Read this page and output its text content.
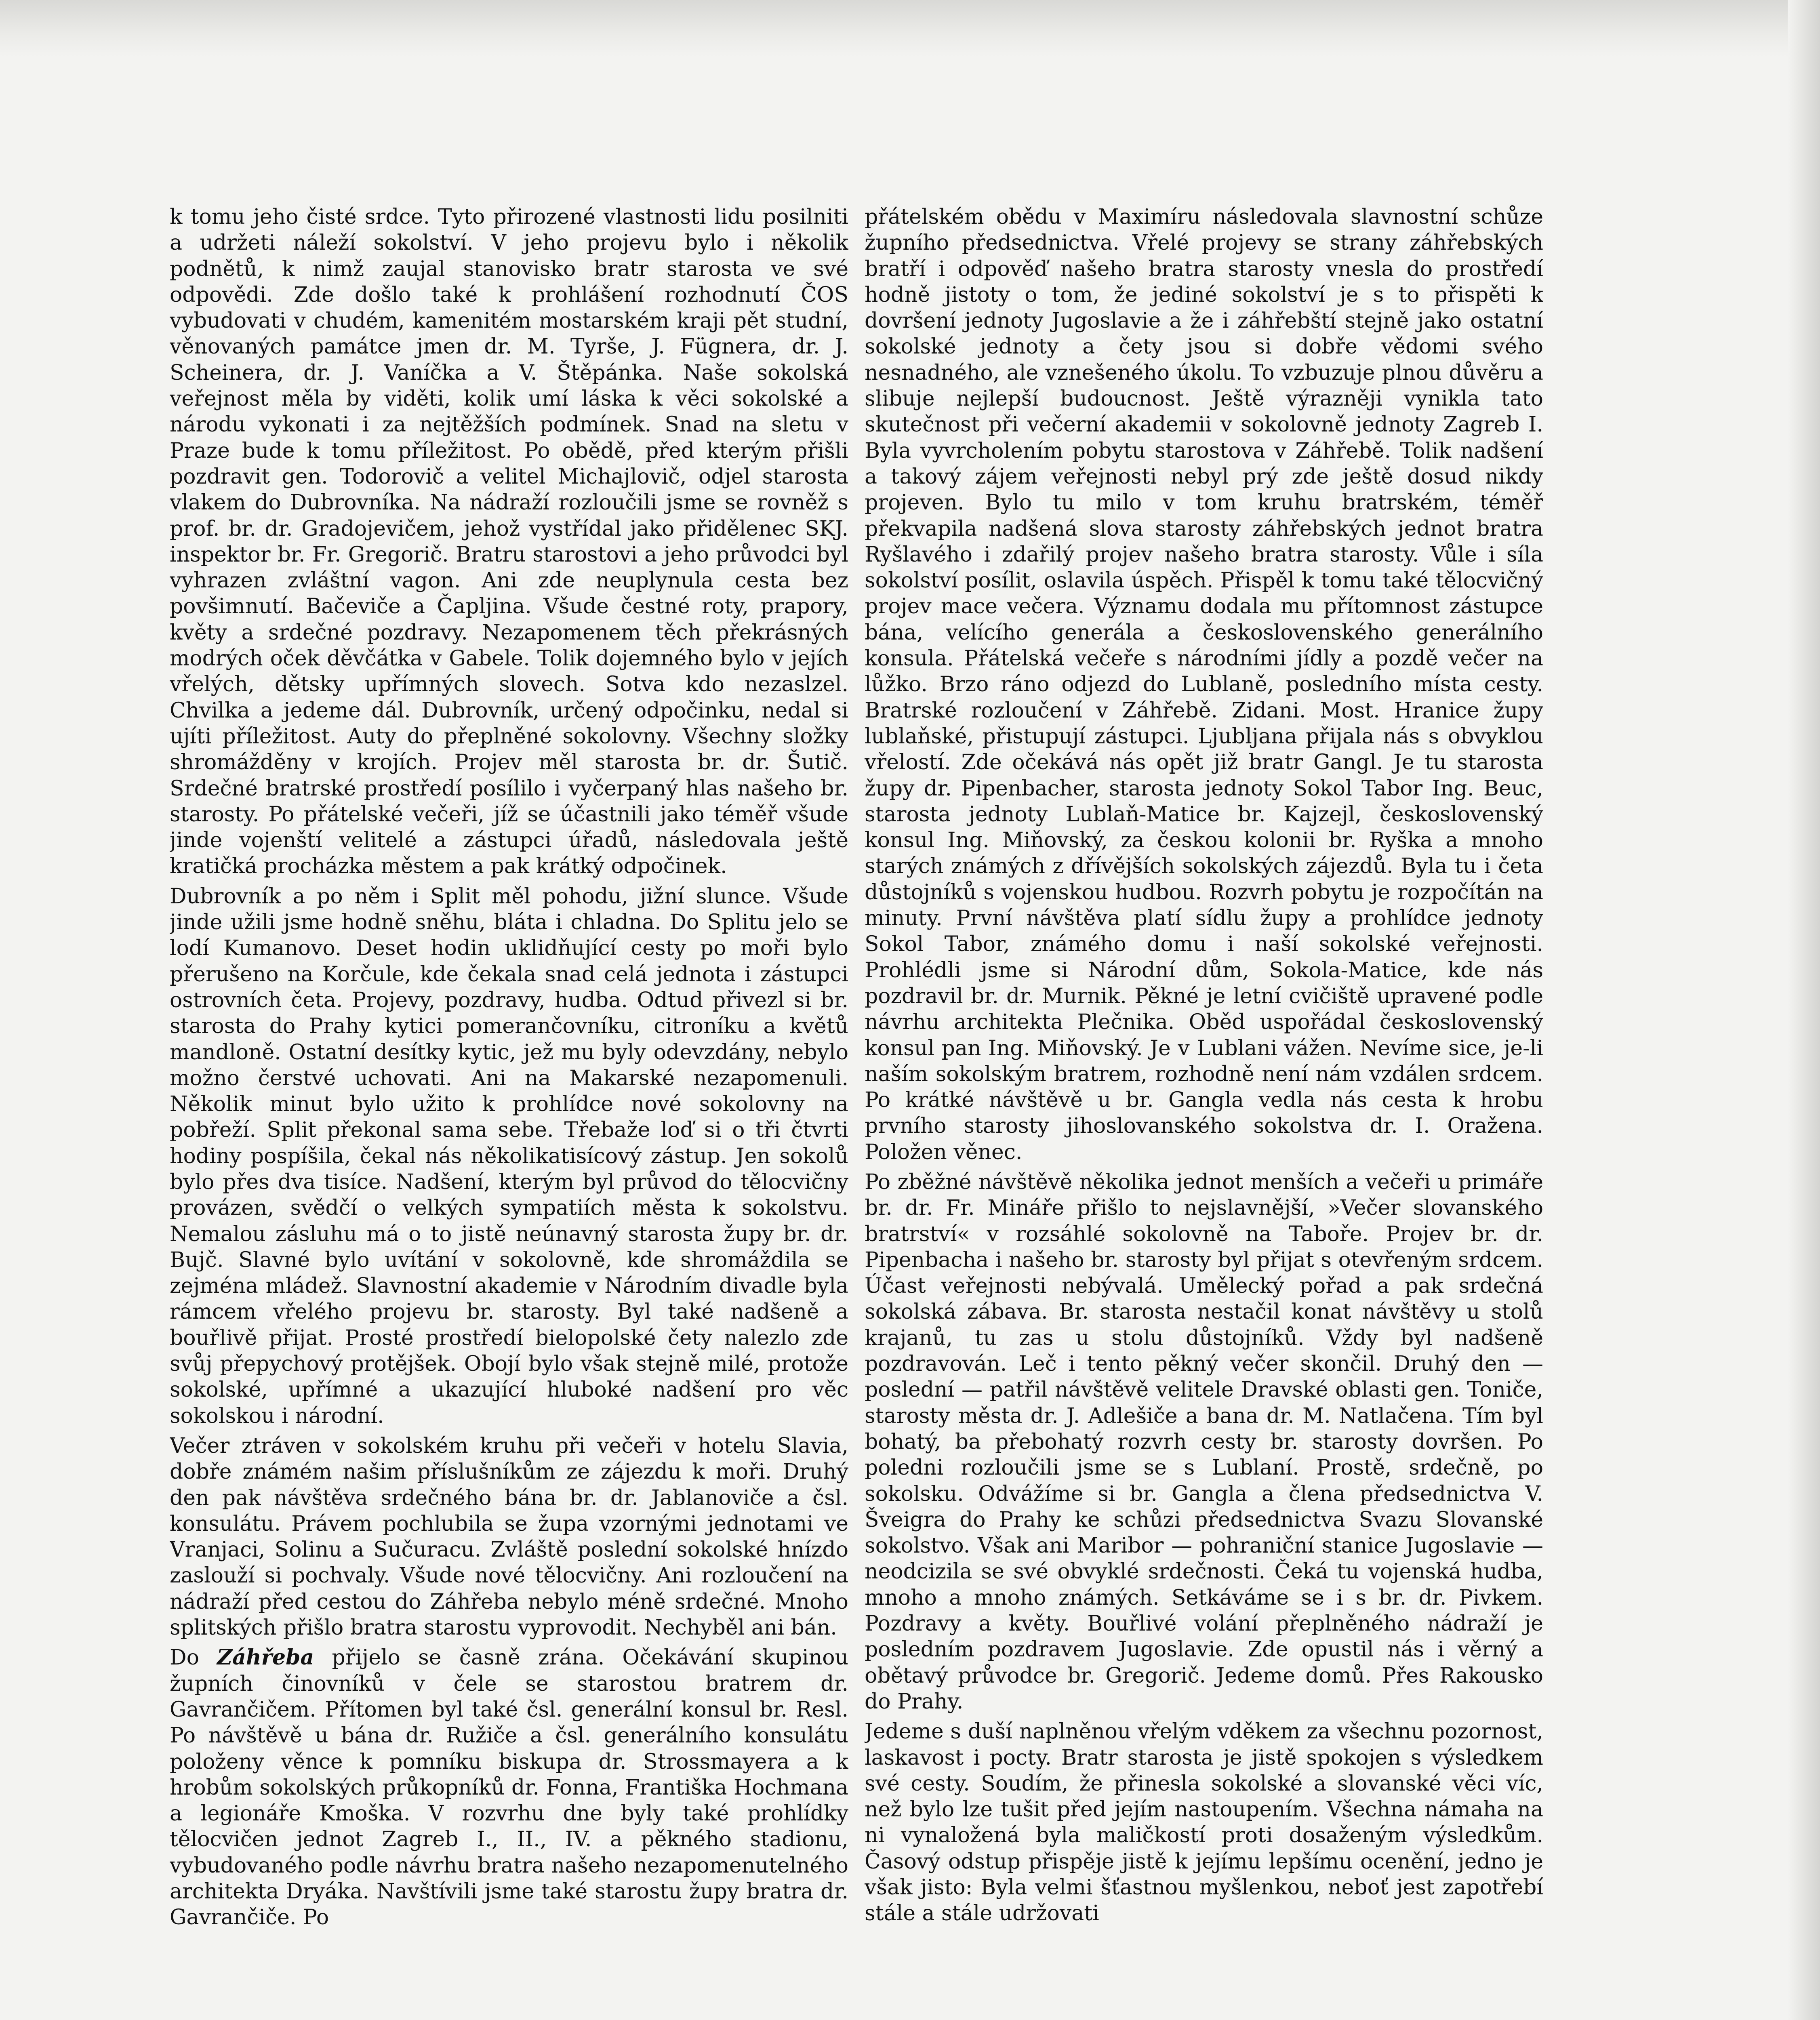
k tomu jeho čisté srdce. Tyto přirozené vlastnosti lidu posilniti a udržeti náleží sokolství. V jeho projevu bylo i několik podnětů, k nimž zaujal stanovisko bratr starosta ve své odpovědi. Zde došlo také k prohlášení rozhodnutí ČOS vybudovati v chudém, kamenitém mostarském kraji pět studní, věnovaných památce jmen dr. M. Tyrše, J. Fügnera, dr. J. Scheinera, dr. J. Vaníčka a V. Štěpánka. Naše sokolská veřejnost měla by viděti, kolik umí láska k věci sokolské a národu vykonati i za nejtěžších podmínek. Snad na sletu v Praze bude k tomu příležitost. Po obědě, před kterým přišli pozdravit gen. Todorovič a velitel Michajlovič, odjel starosta vlakem do Dubrovníka. Na nádraží rozloučili jsme se rovněž s prof. br. dr. Gradojevičem, jehož vystřídal jako přidělenec SKJ. inspektor br. Fr. Gregorič. Bratru starostovi a jeho průvodci byl vyhrazen zvláštní vagon. Ani zde neuplynula cesta bez povšimnutí. Bačeviče a Čapljina. Všude čestné roty, prapory, květy a srdečné pozdravy. Nezapomenem těch překrásných modrých oček děvčátka v Gabele. Tolik dojemného bylo v jejích vřelých, dětsky upřímných slovech. Sotva kdo nezaslzel. Chvilka a jedeme dál. Dubrovník, určený odpočinku, nedal si ujíti příležitost. Auty do přeplněné sokolovny. Všechny složky shromážděny v krojích. Projev měl starosta br. dr. Šutič. Srdečné bratrské prostředí posílilo i vyčerpaný hlas našeho br. starosty. Po přátelské večeři, jíž se účastnili jako téměř všude jinde vojenští velitelé a zástupci úřadů, následovala ještě kratičká procházka městem a pak krátký odpočinek.

Dubrovník a po něm i Split měl pohodu, jižní slunce. Všude jinde užili jsme hodně sněhu, bláta i chladna. Do Splitu jelo se lodí Kumanovo. Deset hodin uklidňující cesty po moři bylo přerušeno na Korčule, kde čekala snad celá jednota i zástupci ostrovních četa. Projevy, pozdravy, hudba. Odtud přivezl si br. starosta do Prahy kytici pomerančovníku, citroníku a květů mandloně. Ostatní desítky kytic, jež mu byly odevzdány, nebylo možno čerstvé uchovati. Ani na Makarské nezapomenuli. Několik minut bylo užito k prohlídce nové sokolovny na pobřeží. Split překonal sama sebe. Třebaže loď si o tři čtvrti hodiny pospíšila, čekal nás několikatisícový zástup. Jen sokolů bylo přes dva tisíce. Nadšení, kterým byl průvod do tělocvičny provázen, svědčí o velkých sympatiích města k sokolstvu. Nemalou zásluhu má o to jistě neúnavný starosta župy br. dr. Bujč. Slavné bylo uvítání v sokolovně, kde shromáždila se zejména mládež. Slavnostní akademie v Národním divadle byla rámcem vřelého projevu br. starosty. Byl také nadšeně a bouřlivě přijat. Prosté prostředí bielopolské čety nalezlo zde svůj přepychový protějšek. Obojí bylo však stejně milé, protože sokolské, upřímné a ukazující hluboké nadšení pro věc sokolskou i národní.

Večer ztráven v sokolském kruhu při večeři v hotelu Slavia, dobře známém našim příslušníkům ze zájezdu k moři. Druhý den pak návštěva srdečného bána br. dr. Jablanoviče a čsl. konsulátu. Právem pochlubila se župa vzornými jednotami ve Vranjaci, Solinu a Sučuracu. Zvláště poslední sokolské hnízdo zaslouží si pochvaly. Všude nové tělocvičny. Ani rozloučení na nádraží před cestou do Záhřeba nebylo méně srdečné. Mnoho splitských přišlo bratra starostu vyprovodit. Nechyběl ani bán.

Do Záhřeba přijelo se časně zrána. Očekávání skupinou župních činovníků v čele se starostou bratrem dr. Gavrančičem. Přítomen byl také čsl. generální konsul br. Resl. Po návštěvě u bána dr. Ružiče a čsl. generálního konsulátu položeny věnce k pomníku biskupa dr. Strossmayera a k hrobům sokolských průkopníků dr. Fonna, Františka Hochmana a legionáře Kmoška. V rozvrhu dne byly také prohlídky tělocvičen jednot Zagreb I., II., IV. a pěkného stadionu, vybudovaného podle návrhu bratra našeho nezapomenutelného architekta Dryáka. Navštívili jsme také starostu župy bratra dr. Gavrančiče. Po

přátelském obědu v Maximíru následovala slavnostní schůze župního předsednictva. Vřelé projevy se strany záhřebských bratří i odpověď našeho bratra starosty vnesla do prostředí hodně jistoty o tom, že jediné sokolství je s to přispěti k dovršení jednoty Jugoslavie a že i záhřebští stejně jako ostatní sokolské jednoty a čety jsou si dobře vědomi svého nesnadného, ale vznešeného úkolu. To vzbuzuje plnou důvěru a slibuje nejlepší budoucnost. Ještě výrazněji vynikla tato skutečnost při večerní akademii v sokolovně jednoty Zagreb I. Byla vyvrcholením pobytu starostova v Záhřebě. Tolik nadšení a takový zájem veřejnosti nebyl prý zde ještě dosud nikdy projeven. Bylo tu milo v tom kruhu bratrském, téměř překvapila nadšená slova starosty záhřebských jednot bratra Ryšlavého i zdařilý projev našeho bratra starosty. Vůle i síla sokolství posílit, oslavila úspěch. Přispěl k tomu také tělocvičný projev mace večera. Významu dodala mu přítomnost zástupce bána, velícího generála a československého generálního konsula. Přátelská večeře s národními jídly a pozdě večer na lůžko. Brzo ráno odjezd do Lublaně, posledního místa cesty. Bratrské rozloučení v Záhřebě. Zidani. Most. Hranice župy lublaňské, přistupují zástupci. Ljubljana přijala nás s obvyklou vřelostí. Zde očekává nás opět již bratr Gangl. Je tu starosta župy dr. Pipenbacher, starosta jednoty Sokol Tabor Ing. Beuc, starosta jednoty Lublaň-Matice br. Kajzejl, československý konsul Ing. Miňovský, za českou kolonii br. Ryška a mnoho starých známých z dřívějších sokolských zájezdů. Byla tu i četa důstojníků s vojenskou hudbou. Rozvrh pobytu je rozpočítán na minuty. První návštěva platí sídlu župy a prohlídce jednoty Sokol Tabor, známého domu i naší sokolské veřejnosti. Prohlédli jsme si Národní dům, Sokola-Matice, kde nás pozdravil br. dr. Murnik. Pěkné je letní cvičiště upravené podle návrhu architekta Plečnika. Oběd uspořádal československý konsul pan Ing. Miňovský. Je v Lublani vážen. Nevíme sice, je-li naším sokolským bratrem, rozhodně není nám vzdálen srdcem. Po krátké návštěvě u br. Gangla vedla nás cesta k hrobu prvního starosty jihoslovanského sokolstva dr. I. Oražena. Položen věnec.

Po zběžné návštěvě několika jednot menších a večeři u primáře br. dr. Fr. Mináře přišlo to nejslavnější, »Večer slovanského bratrství« v rozsáhlé sokolovně na Taboře. Projev br. dr. Pipenbacha i našeho br. starosty byl přijat s otevřeným srdcem. Účast veřejnosti nebývalá. Umělecký pořad a pak srdečná sokolská zábava. Br. starosta nestačil konat návštěvy u stolů krajanů, tu zas u stolu důstojníků. Vždy byl nadšeně pozdravován. Leč i tento pěkný večer skončil. Druhý den — poslední — patřil návštěvě velitele Dravské oblasti gen. Toniče, starosty města dr. J. Adlešiče a bana dr. M. Natlačena. Tím byl bohatý, ba přebohatý rozvrh cesty br. starosty dovršen. Po poledni rozloučili jsme se s Lublaní. Prostě, srdečně, po sokolsku. Odvážíme si br. Gangla a člena předsednictva V. Šveigra do Prahy ke schůzi předsednictva Svazu Slovanské sokolstvo. Však ani Maribor — pohraniční stanice Jugoslavie — neodcizila se své obvyklé srdečnosti. Čeká tu vojenská hudba, mnoho a mnoho známých. Setkáváme se i s br. dr. Pivkem. Pozdravy a květy. Bouřlivé volání přeplněného nádraží je posledním pozdravem Jugoslavie. Zde opustil nás i věrný a obětavý průvodce br. Gregorič. Jedeme domů. Přes Rakousko do Prahy.

Jedeme s duší naplněnou vřelým vděkem za všechnu pozornost, laskavost i pocty. Bratr starosta je jistě spokojen s výsledkem své cesty. Soudím, že přinesla sokolské a slovanské věci víc, než bylo lze tušit před jejím nastoupením. Všechna námaha na ni vynaložená byla maličkostí proti dosaženým výsledkům. Časový odstup přispěje jistě k jejímu lepšímu ocenění, jedno je však jisto: Byla velmi šťastnou myšlenkou, neboť jest zapotřebí stále a stále udržovati
